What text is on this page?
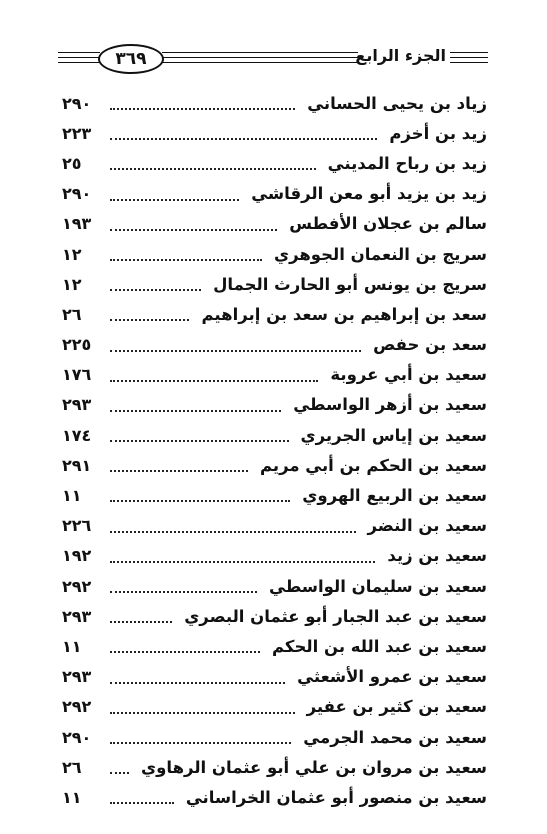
٣٦٩	الجزء الرابع
زياد بن يحيى الحساني
٢٩٠
زيد بن أخزم
٢٢٣
زيد بن رباح المديني
٢٥
زيد بن يزيد أبو معن الرقاشي
٢٩٠
سالم بن عجلان الأفطس
١٩٣
سريج بن النعمان الجوهري
١٢
سريج بن يونس أبو الحارث الجمال
١٢
سعد بن إبراهيم بن سعد بن إبراهيم
٢٦
سعد بن حفص
٢٢٥
سعيد بن أبي عروبة
١٧٦
سعيد بن أزهر الواسطي
٢٩٣
سعيد بن إياس الجريري
١٧٤
سعيد بن الحكم بن أبي مريم
٢٩١
سعيد بن الربيع الهروي
١١
سعيد بن النضر
٢٢٦
سعيد بن زيد
١٩٢
سعيد بن سليمان الواسطي
٢٩٢
سعيد بن عبد الجبار أبو عثمان البصري
٢٩٣
سعيد بن عبد الله بن الحكم
١١
سعيد بن عمرو الأشعثي
٢٩٣
سعيد بن كثير بن عفير
٢٩٢
سعيد بن محمد الجرمي
٢٩٠
سعيد بن مروان بن علي أبو عثمان الرهاوي
٢٦
سعيد بن منصور أبو عثمان الخراساني
١١
